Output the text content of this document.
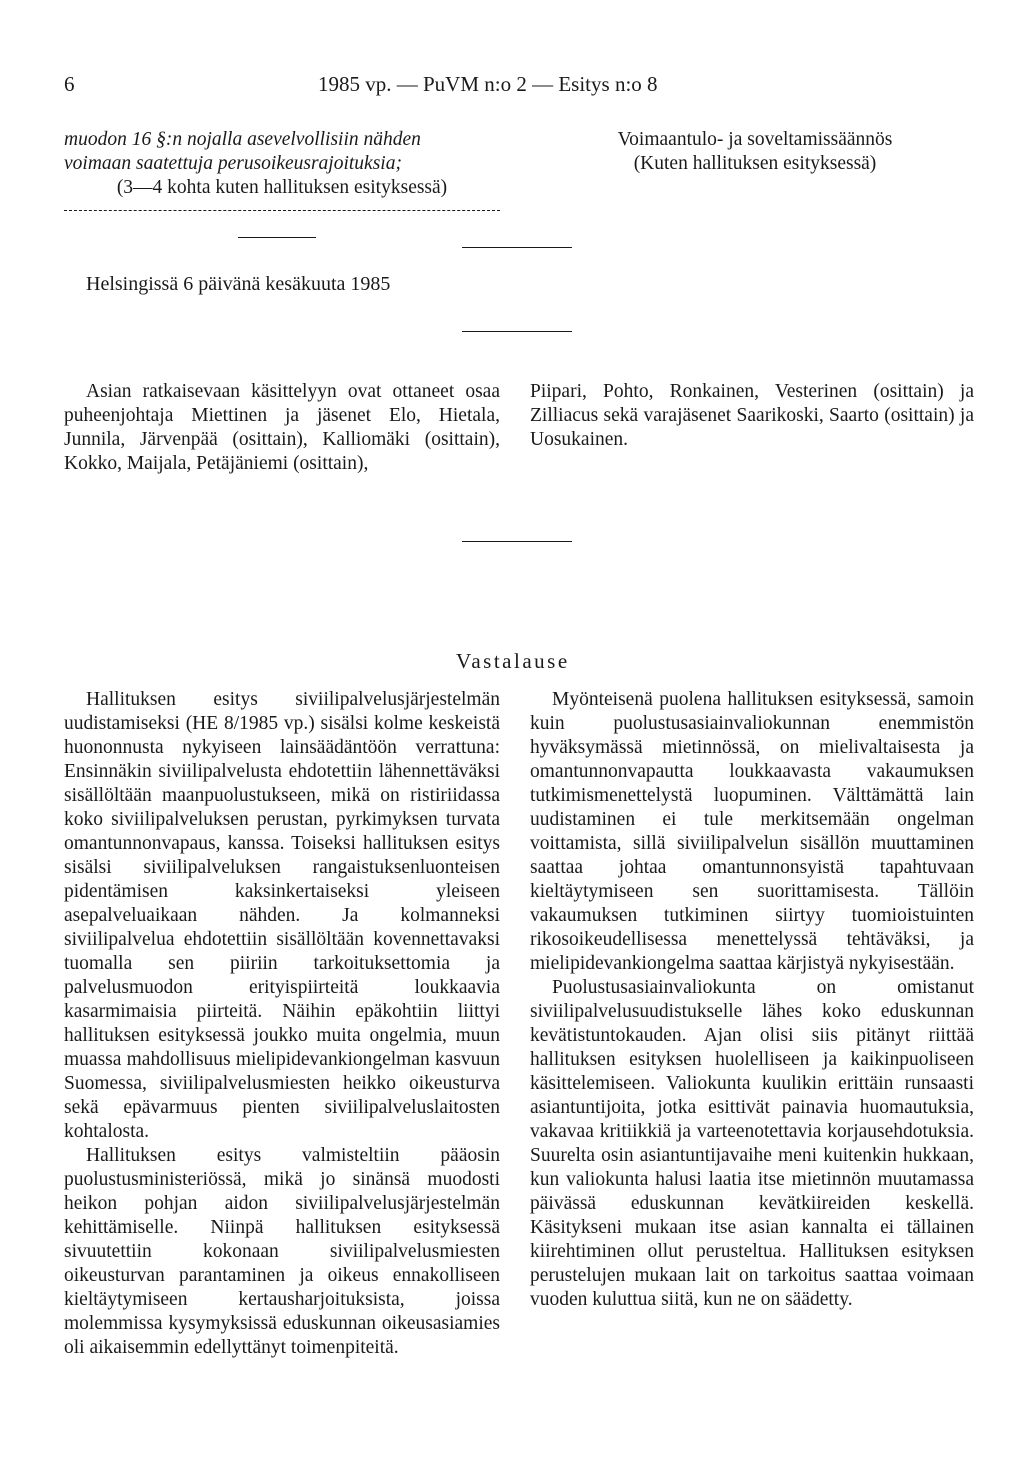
6	1985 vp. — PuVM n:o 2 — Esitys n:o 8
muodon 16 §:n nojalla asevelvollisiin nähden
voimaan saatettuja perusoikeusrajoituksia;
(3—4 kohta kuten hallituksen esityksessä)
Voimaantulo- ja soveltamissäännös
(Kuten hallituksen esityksessä)
Helsingissä 6 päivänä kesäkuuta 1985

Asian ratkaisevaan käsittelyyn ovat ottaneet osaa puheenjohtaja Miettinen ja jäsenet Elo, Hietala, Junnila, Järvenpää (osittain), Kalliomäki (osittain), Kokko, Maijala, Petäjäniemi (osittain),

Piipari, Pohto, Ronkainen, Vesterinen (osittain) ja Zilliacus sekä varajäsenet Saarikoski, Saarto (osittain) ja Uosukainen.

Vastalause

Hallituksen esitys siviilipalvelusjärjestelmän uudistamiseksi (HE 8/1985 vp.) sisälsi kolme keskeistä huononnusta nykyiseen lainsäädäntöön verrattuna: Ensinnäkin siviilipalvelusta ehdotettiin lähennettäväksi sisällöltään maanpuolustukseen, mikä on ristiriidassa koko siviilipalveluksen perustan, pyrkimyksen turvata omantunnonvapaus, kanssa. Toiseksi hallituksen esitys sisälsi siviilipalveluksen rangaistuksenluonteisen pidentämisen kaksinkertaiseksi yleiseen asepalveluaikaan nähden. Ja kolmanneksi siviilipalvelua ehdotettiin sisällöltään kovennettavaksi tuomalla sen piiriin tarkoituksettomia ja palvelusmuodon erityispiirteitä loukkaavia kasarmimaisia piirteitä. Näihin epäkohtiin liittyi hallituksen esityksessä joukko muita ongelmia, muun muassa mahdollisuus mielipidevankiongelman kasvuun Suomessa, siviilipalvelusmiesten heikko oikeusturva sekä epävarmuus pienten siviilipalveluslaitosten kohtalosta.

Hallituksen esitys valmisteltiin pääosin puolustusministeriössä, mikä jo sinänsä muodosti heikon pohjan aidon siviilipalvelusjärjestelmän kehittämiselle. Niinpä hallituksen esityksessä sivuutettiin kokonaan siviilipalvelusmiesten oikeusturvan parantaminen ja oikeus ennakolliseen kieltäytymiseen kertausharjoituksista, joissa molemmissa kysymyksissä eduskunnan oikeusasiamies oli aikaisemmin edellyttänyt toimenpiteitä.

Myönteisenä puolena hallituksen esityksessä, samoin kuin puolustusasiainvaliokunnan enemmistön hyväksymässä mietinnössä, on mielivaltaisesta ja omantunnonvapautta loukkaavasta vakaumuksen tutkimismenettelystä luopuminen. Välttämättä lain uudistaminen ei tule merkitsemään ongelman voittamista, sillä siviilipalvelun sisällön muuttaminen saattaa johtaa omantunnonsyistä tapahtuvaan kieltäytymiseen sen suorittamisesta. Tällöin vakaumuksen tutkiminen siirtyy tuomioistuinten rikosoikeudellisessa menettelyssä tehtäväksi, ja mielipidevankiongelma saattaa kärjistyä nykyisestään.

Puolustusasiainvaliokunta on omistanut siviilipalvelusuudistukselle lähes koko eduskunnan kevätistuntokauden. Ajan olisi siis pitänyt riittää hallituksen esityksen huolelliseen ja kaikinpuoliseen käsittelemiseen. Valiokunta kuulikin erittäin runsaasti asiantuntijoita, jotka esittivät painavia huomautuksia, vakavaa kritiikkiä ja varteenotettavia korjausehdotuksia. Suurelta osin asiantuntijavaihe meni kuitenkin hukkaan, kun valiokunta halusi laatia itse mietinnön muutamassa päivässä eduskunnan kevätkiireiden keskellä. Käsitykseni mukaan itse asian kannalta ei tällainen kiirehtiminen ollut perusteltua. Hallituksen esityksen perustelujen mukaan lait on tarkoitus saattaa voimaan vuoden kuluttua siitä, kun ne on säädetty.
